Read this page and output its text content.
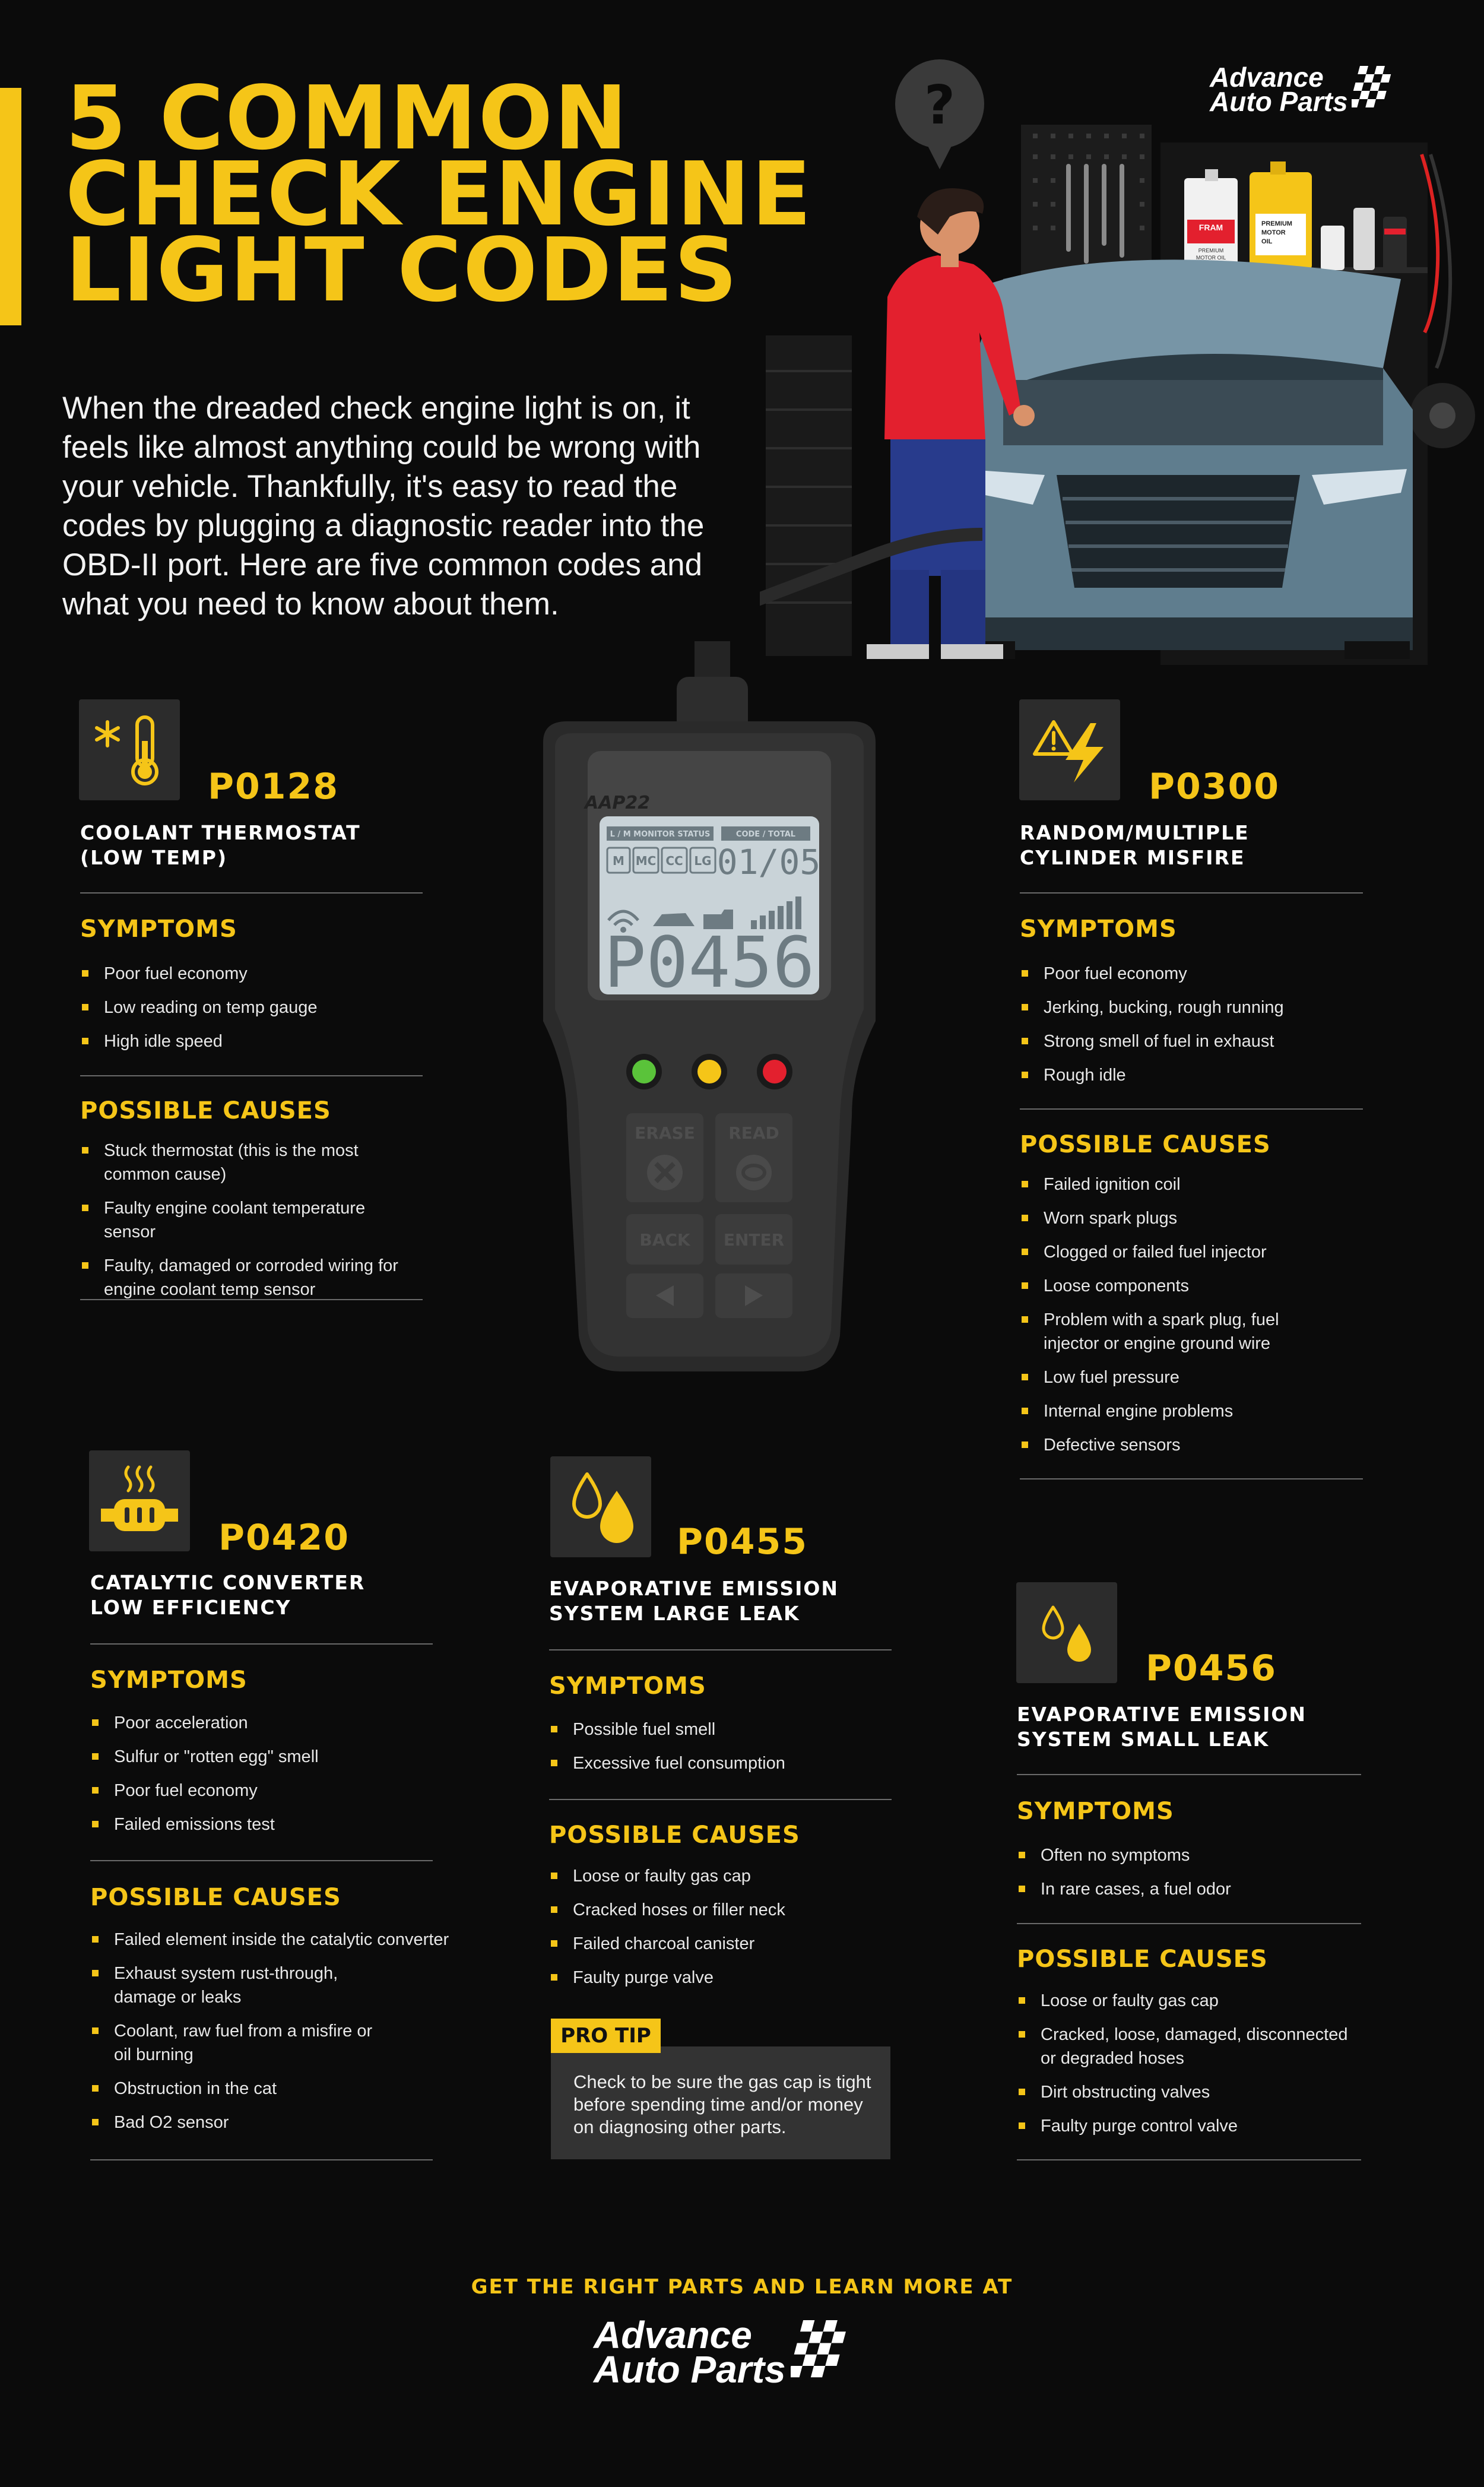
5 COMMON
CHECK ENGINE
LIGHT CODES
When the dreaded check engine light is on, it feels like almost anything could be wrong with your vehicle. Thankfully, it's easy to read the codes by plugging a diagnostic reader into the OBD-II port. Here are five common codes and what you need to know about them.
Advance
Auto Parts
FRAM
PREMIUM
MOTOR OIL
PREMIUM
MOTOR
OIL
?
AAP22
L / M MONITOR STATUS	CODE / TOTAL
M MC CC LG 01/05
P0456
ERASE READ
BACK ENTER
P0128
COOLANT THERMOSTAT
(LOW TEMP)
SYMPTOMS
Poor fuel economy
Low reading on temp gauge
High idle speed
POSSIBLE CAUSES
Stuck thermostat (this is the most common cause)
Faulty engine coolant temperature sensor
Faulty, damaged or corroded wiring for engine coolant temp sensor
P0300
RANDOM/MULTIPLE
CYLINDER MISFIRE
SYMPTOMS
Poor fuel economy
Jerking, bucking, rough running
Strong smell of fuel in exhaust
Rough idle
POSSIBLE CAUSES
Failed ignition coil
Worn spark plugs
Clogged or failed fuel injector
Loose components
Problem with a spark plug, fuel injector or engine ground wire
Low fuel pressure
Internal engine problems
Defective sensors
P0420
CATALYTIC CONVERTER
LOW EFFICIENCY
SYMPTOMS
Poor acceleration
Sulfur or "rotten egg" smell
Poor fuel economy
Failed emissions test
POSSIBLE CAUSES
Failed element inside the catalytic converter
Exhaust system rust-through, damage or leaks
Coolant, raw fuel from a misfire or oil burning
Obstruction in the cat
Bad O2 sensor
P0455
EVAPORATIVE EMISSION
SYSTEM LARGE LEAK
SYMPTOMS
Possible fuel smell
Excessive fuel consumption
POSSIBLE CAUSES
Loose or faulty gas cap
Cracked hoses or filler neck
Failed charcoal canister
Faulty purge valve
PRO TIP
Check to be sure the gas cap is tight before spending time and/or money on diagnosing other parts.
P0456
EVAPORATIVE EMISSION
SYSTEM SMALL LEAK
SYMPTOMS
Often no symptoms
In rare cases, a fuel odor
POSSIBLE CAUSES
Loose or faulty gas cap
Cracked, loose, damaged, disconnected or degraded hoses
Dirt obstructing valves
Faulty purge control valve
GET THE RIGHT PARTS AND LEARN MORE AT
Advance
Auto Parts
